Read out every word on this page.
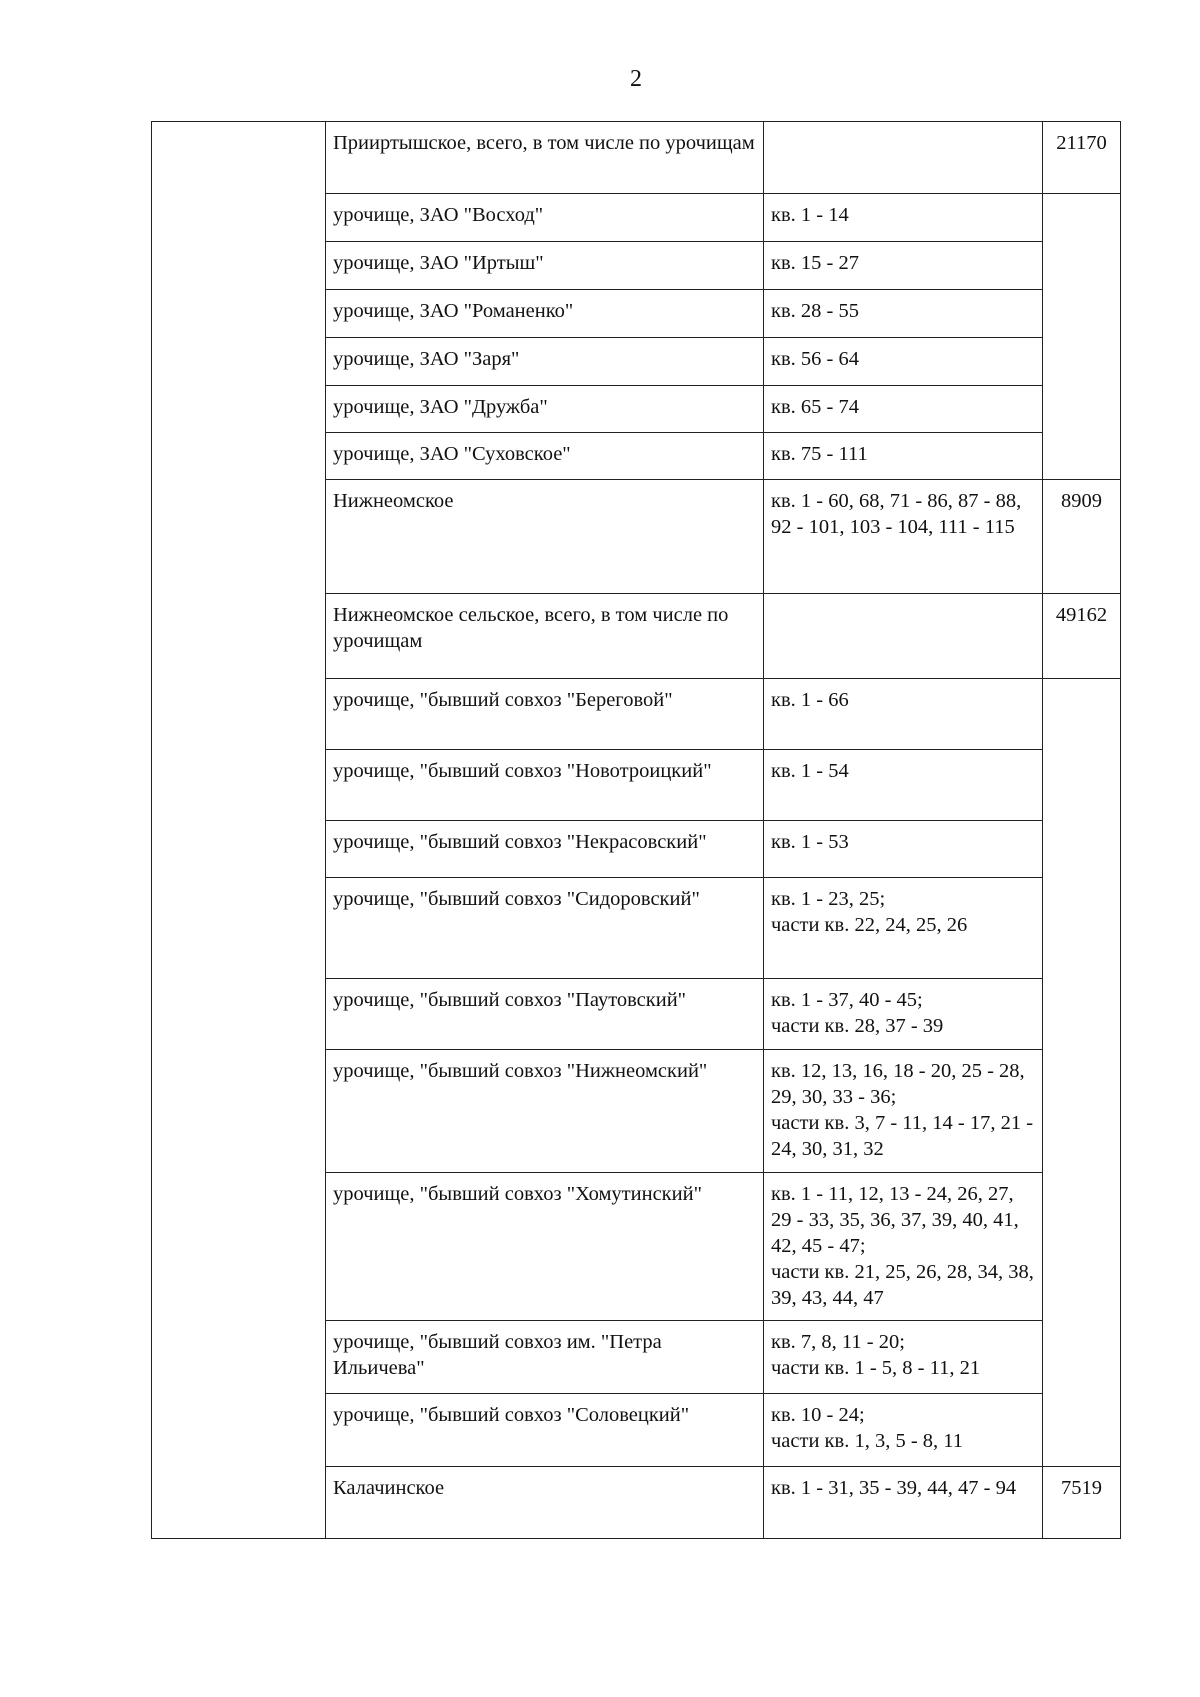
2
	Прииртышское, всего, в том числе по урочищам		21170
	урочище, ЗАО "Восход"	кв. 1 - 14	
	урочище, ЗАО "Иртыш"	кв. 15 - 27	
	урочище, ЗАО "Романенко"	кв. 28 - 55	
	урочище, ЗАО "Заря"	кв. 56 - 64	
	урочище, ЗАО "Дружба"	кв. 65 - 74	
	урочище, ЗАО "Суховское"	кв. 75 - 111	
	Нижнеомское	кв. 1 - 60, 68, 71 - 86, 87 - 88, 92 - 101, 103 - 104, 111 - 115	8909
	Нижнеомское сельское, всего, в том числе по урочищам		49162
	урочище, "бывший совхоз "Береговой"	кв. 1 - 66	
	урочище, "бывший совхоз "Новотроицкий"	кв. 1 - 54	
	урочище, "бывший совхоз "Некрасовский"	кв. 1 - 53	
	урочище, "бывший совхоз "Сидоровский"	кв. 1 - 23, 25;
части кв. 22, 24, 25, 26	

	урочище, "бывший совхоз "Паутовский"	кв. 1 - 37, 40 - 45;
части кв. 28, 37 - 39	

	урочище, "бывший совхоз "Нижнеомский"	кв. 12, 13, 16, 18 - 20, 25 - 28, 29, 30, 33 - 36;
части кв. 3, 7 - 11, 14 - 17, 21 - 24, 30, 31, 32	

	урочище, "бывший совхоз "Хомутинский"	кв. 1 - 11, 12, 13 - 24, 26, 27, 29 - 33, 35, 36, 37, 39, 40, 41, 42, 45 - 47;
части кв. 21, 25, 26, 28, 34, 38, 39, 43, 44, 47	

	урочище, "бывший совхоз им. "Петра Ильичева"	кв. 7, 8, 11 - 20;
части кв. 1 - 5, 8 - 11, 21	

	урочище, "бывший совхоз "Соловецкий"	кв. 10 - 24;
части кв. 1, 3, 5 - 8, 11	

	Калачинское	кв. 1 - 31, 35 - 39, 44, 47 - 94	7519
